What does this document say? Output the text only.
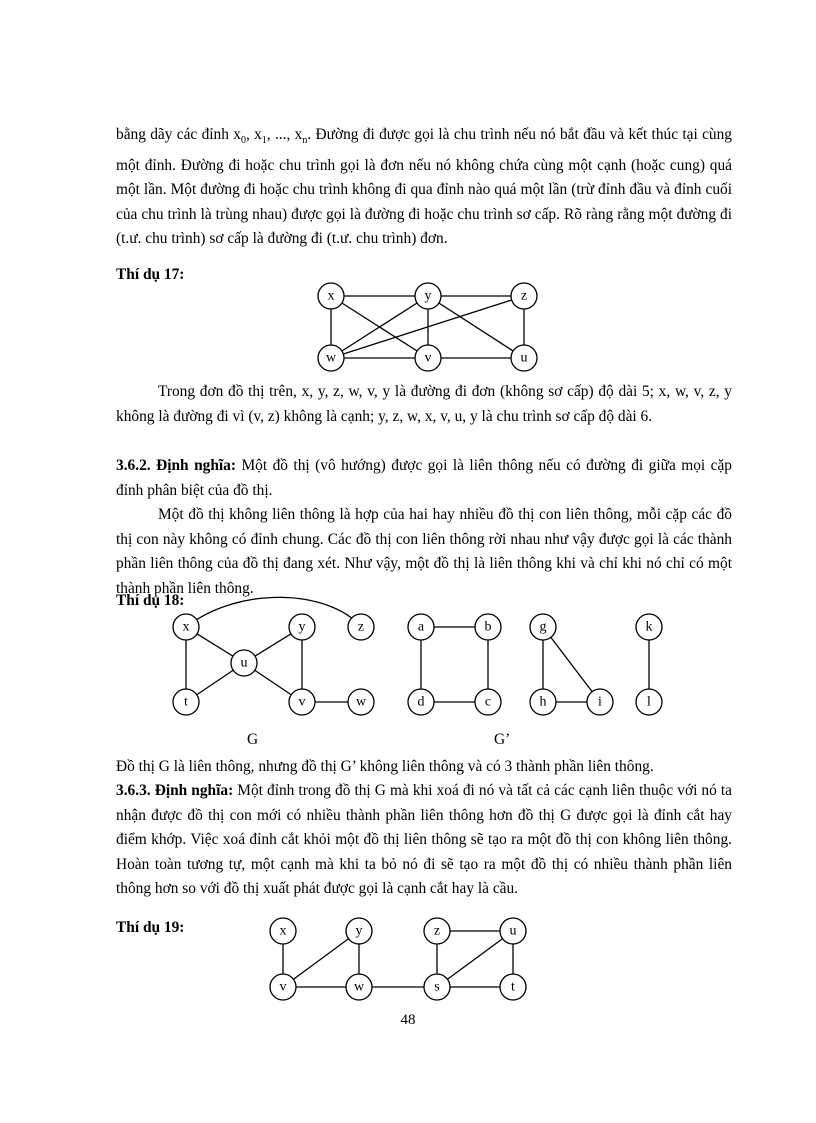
bằng dãy các đỉnh $x_0$, $x_1$, ..., $x_n$. Đường đi được gọi là chu trình nếu nó bắt đầu và kết thúc tại cùng một đỉnh. Đường đi hoặc chu trình gọi là đơn nếu nó không chứa cùng một cạnh (hoặc cung) quá một lần. Một đường đi hoặc chu trình không đi qua đỉnh nào quá một lần (trừ đỉnh đầu và đỉnh cuối của chu trình là trùng nhau) được gọi là đường đi hoặc chu trình sơ cấp. Rõ ràng rằng một đường đi (t.ư. chu trình) sơ cấp là đường đi (t.ư. chu trình) đơn.

Thí dụ 17:

x	y	z
w	v	u

Trong đơn đồ thị trên, x, y, z, w, v, y là đường đi đơn (không sơ cấp) độ dài 5; x, w, v, z, y không là đường đi vì (v, z) không là cạnh; y, z, w, x, v, u, y là chu trình sơ cấp độ dài 6.

3.6.2. Định nghĩa: Một đồ thị (vô hướng) được gọi là liên thông nếu có đường đi giữa mọi cặp đỉnh phân biệt của đồ thị.

Một đồ thị không liên thông là hợp của hai hay nhiều đồ thị con liên thông, mỗi cặp các đồ thị con này không có đỉnh chung. Các đồ thị con liên thông rời nhau như vậy được gọi là các thành phần liên thông của đồ thị đang xét. Như vậy, một đồ thị là liên thông khi và chỉ khi nó chỉ có một thành phần liên thông.

Thí dụ 18:

x	y	z
u
t	v	w
a	b
d	c
g	k
h	i	l
G	G’

Đồ thị G là liên thông, nhưng đồ thị G’ không liên thông và có 3 thành phần liên thông.

3.6.3. Định nghĩa: Một đỉnh trong đồ thị G mà khi xoá đi nó và tất cả các cạnh liên thuộc với nó ta nhận được đồ thị con mới có nhiều thành phần liên thông hơn đồ thị G được gọi là đỉnh cắt hay điểm khớp. Việc xoá đỉnh cắt khỏi một đồ thị liên thông sẽ tạo ra một đồ thị con không liên thông. Hoàn toàn tương tự, một cạnh mà khi ta bỏ nó đi sẽ tạo ra một đồ thị có nhiều thành phần liên thông hơn so với đồ thị xuất phát được gọi là cạnh cắt hay là cầu.

Thí dụ 19:	x	y	z	u
v	w	s	t
48
